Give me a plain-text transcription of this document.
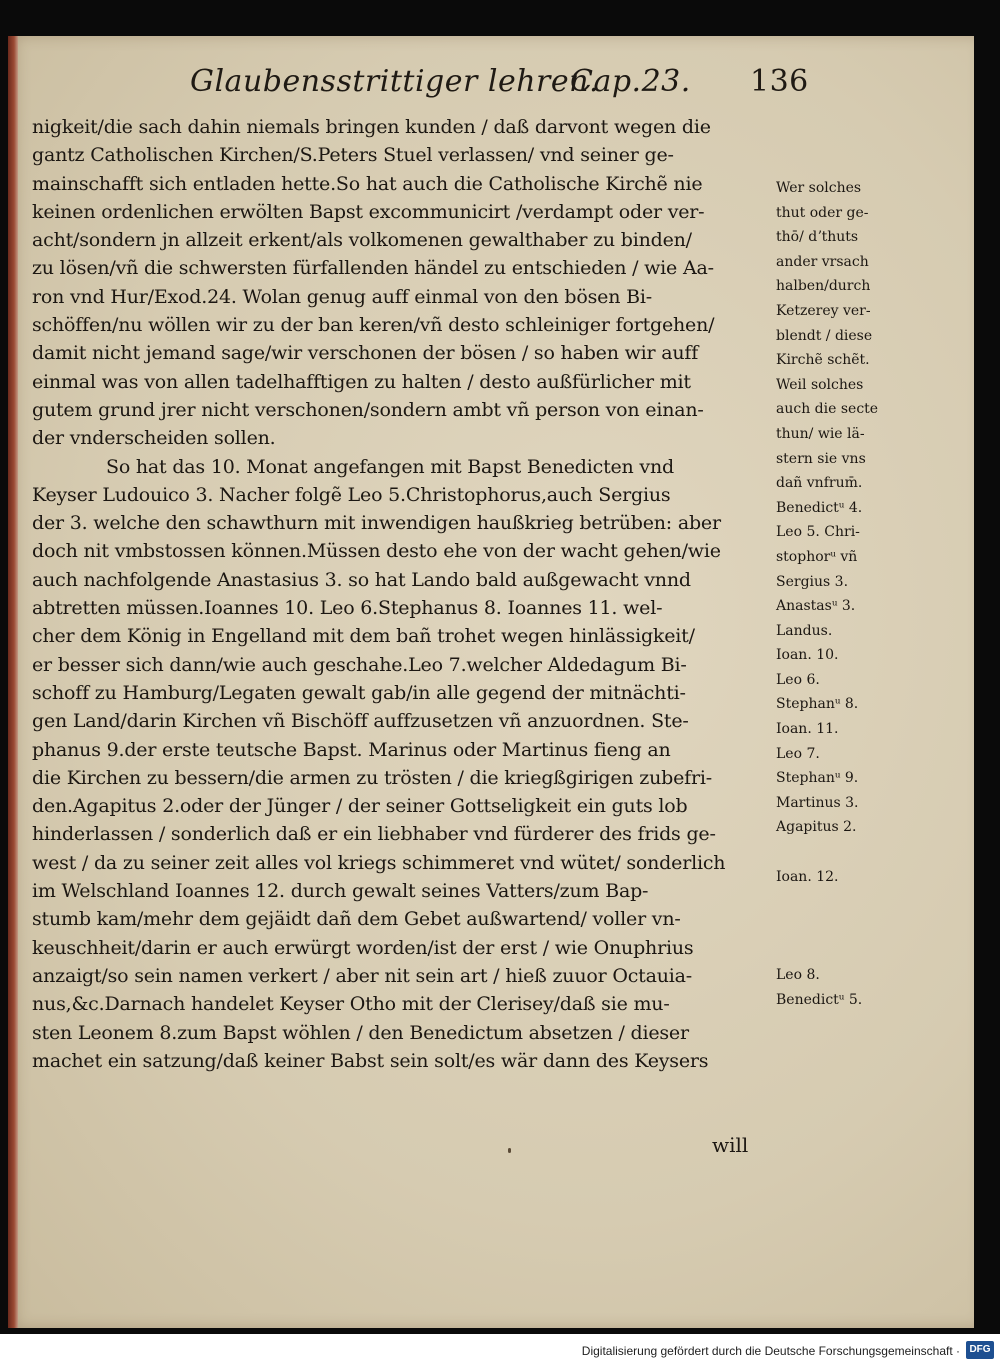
Glaubensstrittiger lehren.
Cap.23. 136
nigkeit/die sach dahin niemals bringen kunden / daß darvont wegen die
gantz Catholischen Kirchen/S.Peters Stuel verlassen/ vnd seiner ge-
mainschafft sich entladen hette.So hat auch die Catholische Kirchẽ nie
keinen ordenlichen erwölten Bapst excommunicirt /verdampt oder ver-
acht/sondern jn allzeit erkent/als volkomenen gewalthaber zu binden/
zu lösen/vñ die schwersten fürfallenden händel zu entschieden / wie Aa-
ron vnd Hur/Exod.24. Wolan genug auff einmal von den bösen Bi-
schöffen/nu wöllen wir zu der ban keren/vñ desto schleiniger fortgehen/
damit nicht jemand sage/wir verschonen der bösen / so haben wir auff
einmal was von allen tadelhafftigen zu halten / desto außfürlicher mit
gutem grund jrer nicht verschonen/sondern ambt vñ person von einan-
der vnderscheiden sollen.
So hat das 10. Monat angefangen mit Bapst Benedicten vnd
Keyser Ludouico 3. Nacher folgẽ Leo 5.Christophorus,auch Sergius
der 3. welche den schawthurn mit inwendigen haußkrieg betrüben: aber
doch nit vmbstossen können.Müssen desto ehe von der wacht gehen/wie
auch nachfolgende Anastasius 3. so hat Lando bald außgewacht vnnd
abtretten müssen.Ioannes 10. Leo 6.Stephanus 8. Ioannes 11. wel-
cher dem König in Engelland mit dem bañ trohet wegen hinlässigkeit/
er besser sich dann/wie auch geschahe.Leo 7.welcher Aldedagum Bi-
schoff zu Hamburg/Legaten gewalt gab/in alle gegend der mitnächti-
gen Land/darin Kirchen vñ Bischöff auffzusetzen vñ anzuordnen. Ste-
phanus 9.der erste teutsche Bapst. Marinus oder Martinus fieng an
die Kirchen zu bessern/die armen zu trösten / die kriegßgirigen zubefri-
den.Agapitus 2.oder der Jünger / der seiner Gottseligkeit ein guts lob
hinderlassen / sonderlich daß er ein liebhaber vnd fürderer des frids ge-
west / da zu seiner zeit alles vol kriegs schimmeret vnd wütet/ sonderlich
im Welschland Ioannes 12. durch gewalt seines Vatters/zum Bap-
stumb kam/mehr dem gejäidt dañ dem Gebet außwartend/ voller vn-
keuschheit/darin er auch erwürgt worden/ist der erst / wie Onuphrius
anzaigt/so sein namen verkert / aber nit sein art / hieß zuuor Octauia-
nus,&c.Darnach handelet Keyser Otho mit der Clerisey/daß sie mu-
sten Leonem 8.zum Bapst wöhlen / den Benedictum absetzen / dieser
machet ein satzung/daß keiner Babst sein solt/es wär dann des Keysers
Wer solches
thut oder ge-
thō/ dʼthuts
ander vrsach
halben/durch
Ketzerey ver-
blendt / diese
Kirchẽ schẽt.
Weil solches
auch die secte
thun/ wie lä-
stern sie vns
dañ vnfrum̄.
Benedictᵘ 4.
Leo 5. Chri-
stophorᵘ vñ
Sergius 3.
Anastasᵘ 3.
Landus.
Ioan. 10.
Leo 6.
Stephanᵘ 8.
Ioan. 11.
Leo 7.
Stephanᵘ 9.
Martinus 3.
Agapitus 2.
Ioan. 12.
Leo 8.
Benedictᵘ 5.
will
Digitalisierung gefördert durch die Deutsche Forschungsgemeinschaft · DFG
